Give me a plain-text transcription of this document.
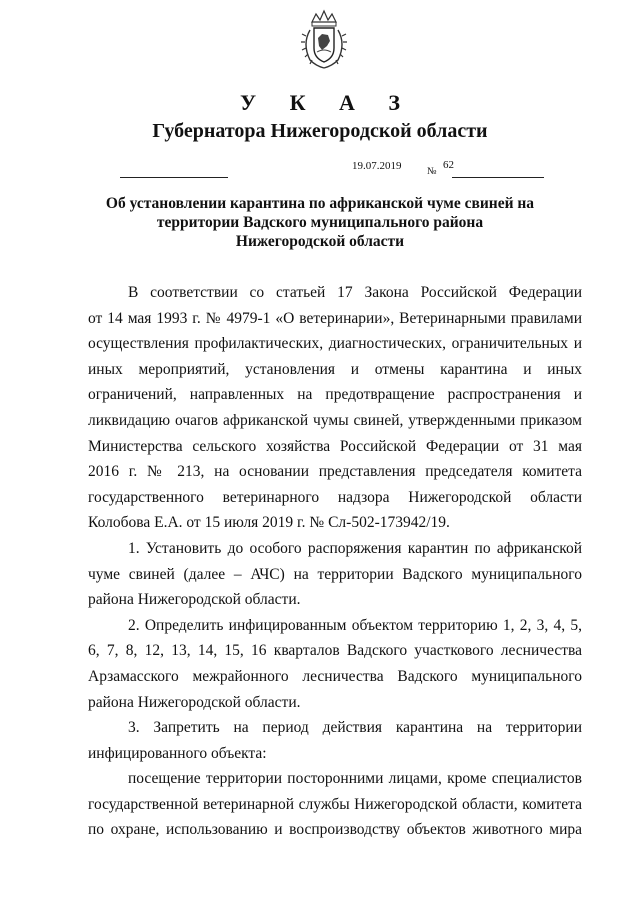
У К А З
Губернатора Нижегородской области
19.07.2019	№
62
Об установлении карантина по африканской чуме свиней на
территории Вадского муниципального района
Нижегородской области
В соответствии со статьей 17 Закона Российской Федерации
от 14 мая 1993 г. № 4979-1 «О ветеринарии», Ветеринарными правилами
осуществления профилактических, диагностических, ограничительных и
иных мероприятий, установления и отмены карантина и иных
ограничений, направленных на предотвращение распространения и
ликвидацию очагов африканской чумы свиней, утвержденными приказом
Министерства сельского хозяйства Российской Федерации от 31 мая
2016 г. № 213, на основании представления председателя комитета
государственного ветеринарного надзора Нижегородской области
Колобова Е.А. от 15 июля 2019 г. № Сл-502-173942/19.
1. Установить до особого распоряжения карантин по африканской
чуме свиней (далее – АЧС) на территории Вадского муниципального
района Нижегородской области.
2. Определить инфицированным объектом территорию 1, 2, 3, 4, 5,
6, 7, 8, 12, 13, 14, 15, 16 кварталов Вадского участкового лесничества
Арзамасского межрайонного лесничества Вадского муниципального
района Нижегородской области.
3. Запретить на период действия карантина на территории
инфицированного объекта:
посещение территории посторонними лицами, кроме специалистов
государственной ветеринарной службы Нижегородской области, комитета
по охране, использованию и воспроизводству объектов животного мира
